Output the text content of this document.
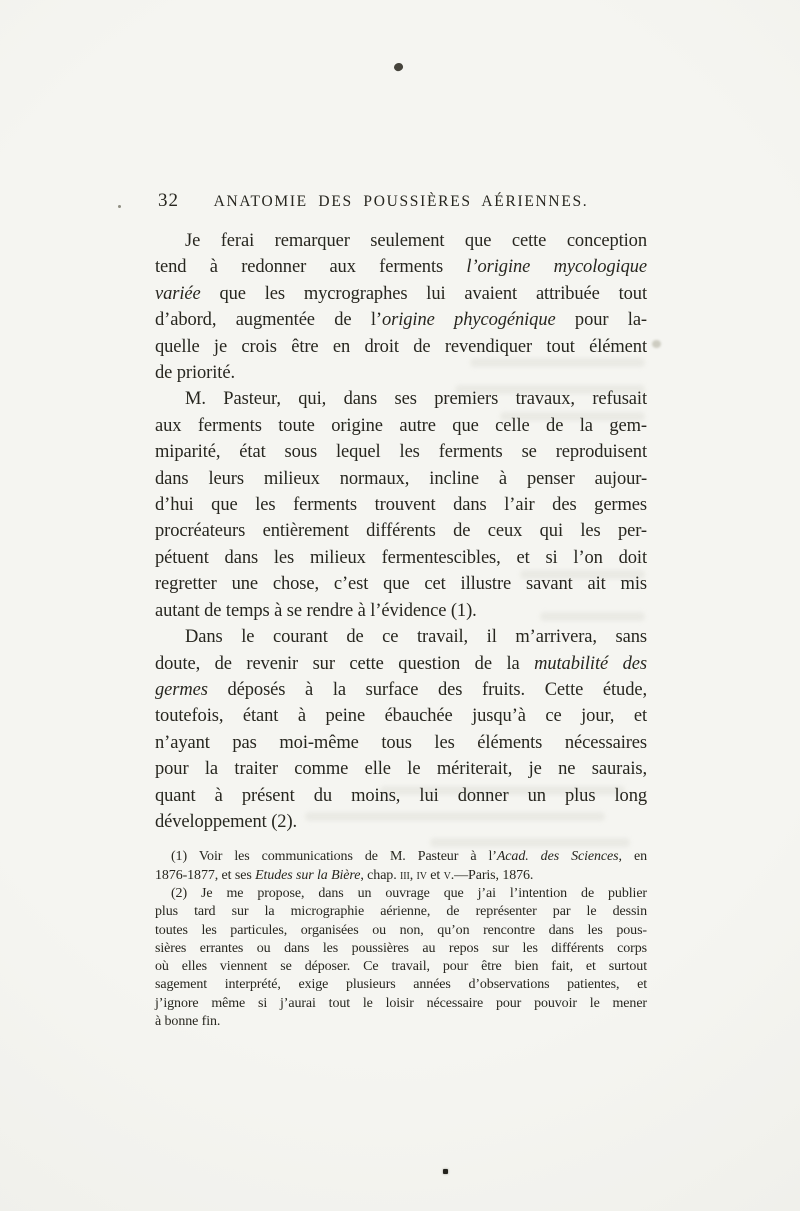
32	ANATOMIE DES POUSSIÈRES AÉRIENNES.
Je ferai remarquer seulement que cette conception
tend à redonner aux ferments l’origine mycologique
variée que les mycrographes lui avaient attribuée tout
d’abord, augmentée de l’origine phycogénique pour la-
quelle je crois être en droit de revendiquer tout élément
de priorité.
M. Pasteur, qui, dans ses premiers travaux, refusait
aux ferments toute origine autre que celle de la gem-
miparité, état sous lequel les ferments se reproduisent
dans leurs milieux normaux, incline à penser aujour-
d’hui que les ferments trouvent dans l’air des germes
procréateurs entièrement différents de ceux qui les per-
pétuent dans les milieux fermentescibles, et si l’on doit
regretter une chose, c’est que cet illustre savant ait mis
autant de temps à se rendre à l’évidence (1).
Dans le courant de ce travail, il m’arrivera, sans
doute, de revenir sur cette question de la mutabilité des
germes déposés à la surface des fruits. Cette étude,
toutefois, étant à peine ébauchée jusqu’à ce jour, et
n’ayant pas moi-même tous les éléments nécessaires
pour la traiter comme elle le mériterait, je ne saurais,
quant à présent du moins, lui donner un plus long
développement (2).
(1) Voir les communications de M. Pasteur à l’Acad. des Sciences, en
1876-1877, et ses Etudes sur la Bière, chap. iii, iv et v.—Paris, 1876.
(2) Je me propose, dans un ouvrage que j’ai l’intention de publier
plus tard sur la micrographie aérienne, de représenter par le dessin
toutes les particules, organisées ou non, qu’on rencontre dans les pous-
sières errantes ou dans les poussières au repos sur les différents corps
où elles viennent se déposer. Ce travail, pour être bien fait, et surtout
sagement interprété, exige plusieurs années d’observations patientes, et
j’ignore même si j’aurai tout le loisir nécessaire pour pouvoir le mener
à bonne fin.
